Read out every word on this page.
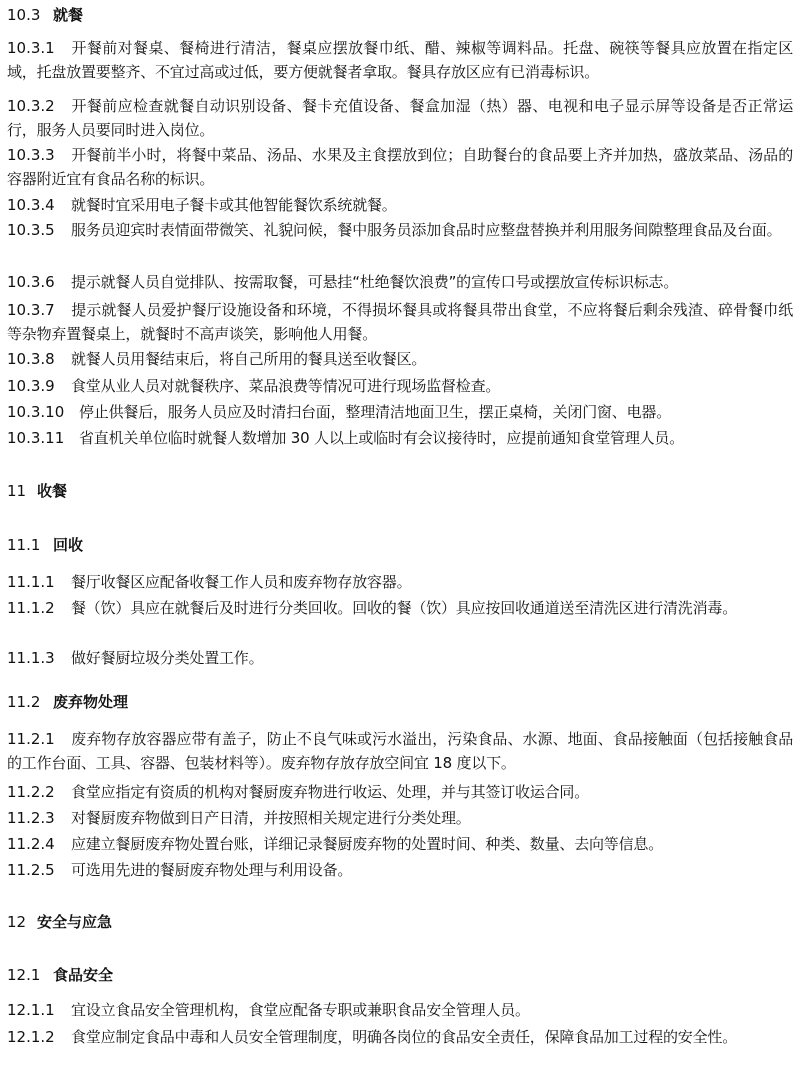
10.3 就餐
10.3.1 开餐前对餐桌、餐椅进行清洁，餐桌应摆放餐巾纸、醋、辣椒等调料品。托盘、碗筷等餐具应放置在指定区域，托盘放置要整齐、不宜过高或过低，要方便就餐者拿取。餐具存放区应有已消毒标识。
10.3.2 开餐前应检查就餐自动识别设备、餐卡充值设备、餐盒加湿（热）器、电视和电子显示屏等设备是否正常运行，服务人员要同时进入岗位。
10.3.3 开餐前半小时，将餐中菜品、汤品、水果及主食摆放到位；自助餐台的食品要上齐并加热，盛放菜品、汤品的容器附近宜有食品名称的标识。
10.3.4 就餐时宜采用电子餐卡或其他智能餐饮系统就餐。
10.3.5 服务员迎宾时表情面带微笑、礼貌问候，餐中服务员添加食品时应整盘替换并利用服务间隙整理食品及台面。
10.3.6 提示就餐人员自觉排队、按需取餐，可悬挂“杜绝餐饮浪费”的宣传口号或摆放宣传标识标志。
10.3.7 提示就餐人员爱护餐厅设施设备和环境，不得损坏餐具或将餐具带出食堂，不应将餐后剩余残渣、碎骨餐巾纸等杂物弃置餐桌上，就餐时不高声谈笑，影响他人用餐。
10.3.8 就餐人员用餐结束后，将自己所用的餐具送至收餐区。
10.3.9 食堂从业人员对就餐秩序、菜品浪费等情况可进行现场监督检查。
10.3.10 停止供餐后，服务人员应及时清扫台面，整理清洁地面卫生，摆正桌椅，关闭门窗、电器。
10.3.11 省直机关单位临时就餐人数增加 30 人以上或临时有会议接待时，应提前通知食堂管理人员。
11 收餐
11.1 回收
11.1.1 餐厅收餐区应配备收餐工作人员和废弃物存放容器。
11.1.2 餐（饮）具应在就餐后及时进行分类回收。回收的餐（饮）具应按回收通道送至清洗区进行清洗消毒。
11.1.3 做好餐厨垃圾分类处置工作。
11.2 废弃物处理
11.2.1 废弃物存放容器应带有盖子，防止不良气味或污水溢出，污染食品、水源、地面、食品接触面（包括接触食品的工作台面、工具、容器、包装材料等）。废弃物存放存放空间宜 18 度以下。
11.2.2 食堂应指定有资质的机构对餐厨废弃物进行收运、处理，并与其签订收运合同。
11.2.3 对餐厨废弃物做到日产日清，并按照相关规定进行分类处理。
11.2.4 应建立餐厨废弃物处置台账，详细记录餐厨废弃物的处置时间、种类、数量、去向等信息。
11.2.5 可选用先进的餐厨废弃物处理与利用设备。
12 安全与应急
12.1 食品安全
12.1.1 宜设立食品安全管理机构，食堂应配备专职或兼职食品安全管理人员。
12.1.2 食堂应制定食品中毒和人员安全管理制度，明确各岗位的食品安全责任，保障食品加工过程的安全性。
